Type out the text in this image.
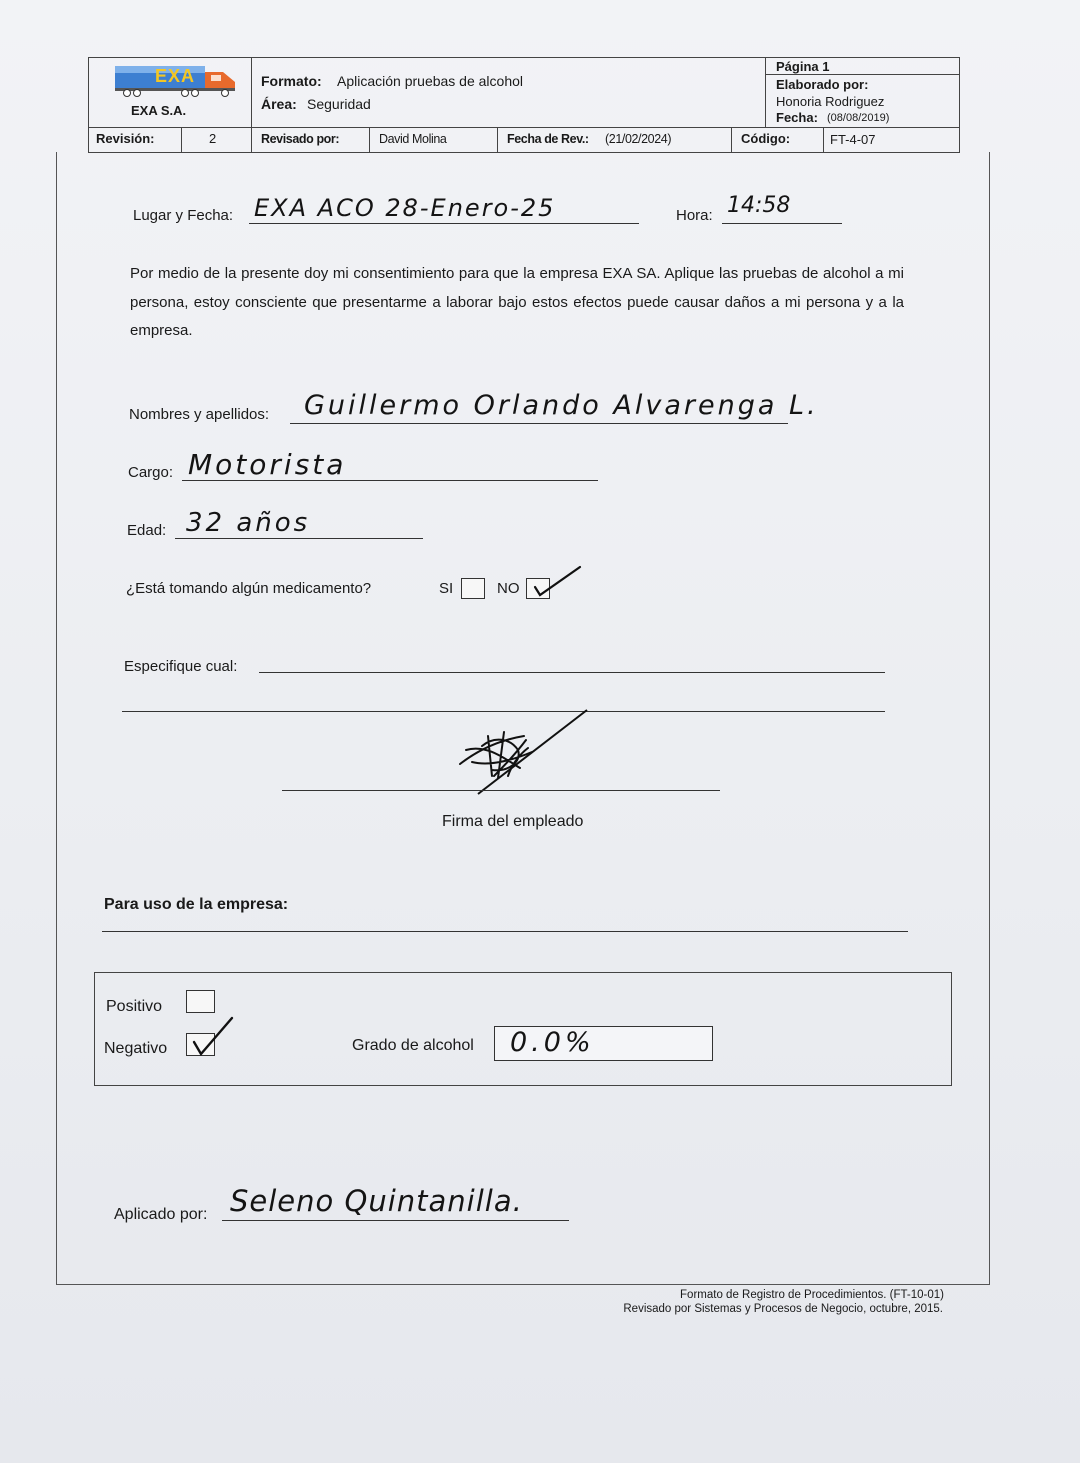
EXA
EXA S.A.
Formato: Aplicación pruebas de alcohol
Área: Seguridad
Página 1
Elaborado por:
Honoria Rodriguez
Fecha: (08/08/2019)
Revisión:	2	Revisado por:	David Molina	Fecha de Rev.: (21/02/2024)	Código:	FT-4-07
Lugar y Fecha: EXA ACO 28-Enero-25	Hora: 14:58
Por medio de la presente doy mi consentimiento para que la empresa EXA SA. Aplique las pruebas de alcohol a mi persona, estoy consciente que presentarme a laborar bajo estos efectos puede causar daños a mi persona y a la empresa.
Nombres y apellidos: Guillermo Orlando Alvarenga L.
Cargo: Motorista
Edad: 32 años
¿Está tomando algún medicamento?	SI	NO
Especifique cual:
Firma del empleado
Para uso de la empresa:
Positivo
Negativo	Grado de alcohol 0.0%
Aplicado por: Seleno Quintanilla.
Formato de Registro de Procedimientos. (FT-10-01)
Revisado por Sistemas y Procesos de Negocio, octubre, 2015.
